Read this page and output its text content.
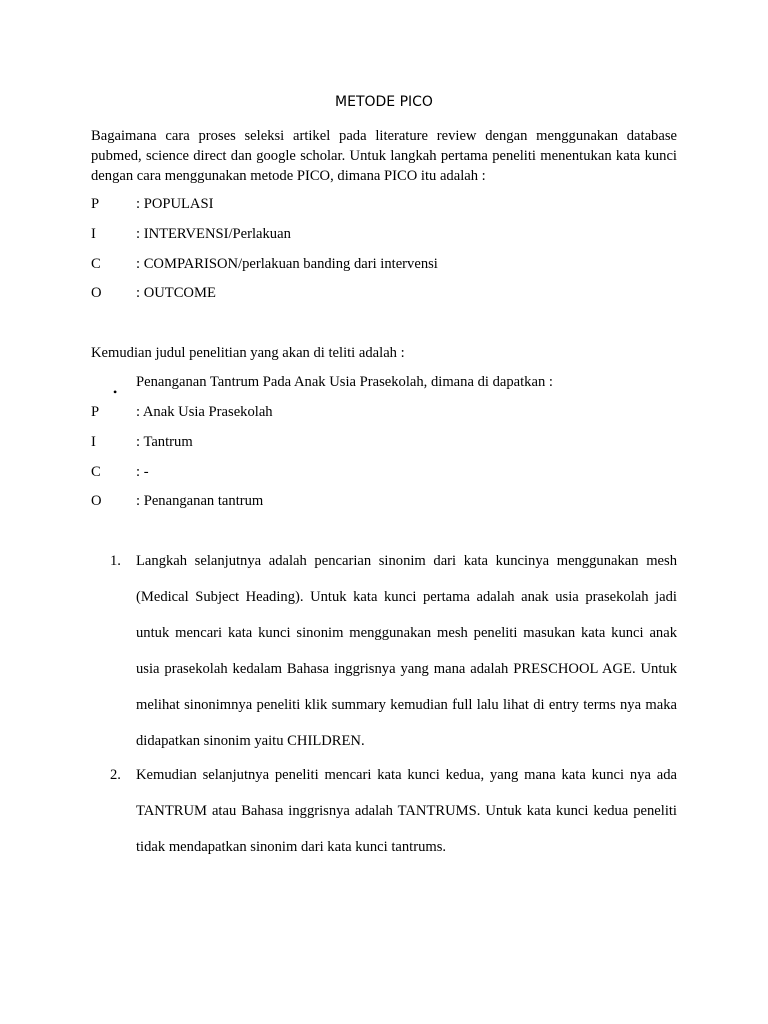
METODE PICO

Bagaimana cara proses seleksi artikel pada literature review dengan menggunakan database pubmed, science direct dan google scholar. Untuk langkah pertama peneliti menentukan kata kunci dengan cara menggunakan metode PICO, dimana PICO itu adalah :

P	: POPULASI
I	: INTERVENSI/Perlakuan
C : COMPARISON/perlakuan banding dari intervensi
O : OUTCOME
Kemudian judul penelitian yang akan di teliti adalah :
•
Penanganan Tantrum Pada Anak Usia Prasekolah, dimana di dapatkan :
P	: Anak Usia Prasekolah
I	: Tantrum
C : -
O : Penanganan tantrum
1. Langkah selanjutnya adalah pencarian sinonim dari kata kuncinya menggunakan mesh (Medical Subject Heading). Untuk kata kunci pertama adalah anak usia prasekolah jadi untuk mencari kata kunci sinonim menggunakan mesh peneliti masukan kata kunci anak usia prasekolah kedalam Bahasa inggrisnya yang mana adalah PRESCHOOL AGE. Untuk melihat sinonimnya peneliti klik summary kemudian full lalu lihat di entry terms nya maka didapatkan sinonim yaitu CHILDREN.

2. Kemudian selanjutnya peneliti mencari kata kunci kedua, yang mana kata kunci nya ada TANTRUM atau Bahasa inggrisnya adalah TANTRUMS. Untuk kata kunci kedua peneliti tidak mendapatkan sinonim dari kata kunci tantrums.
